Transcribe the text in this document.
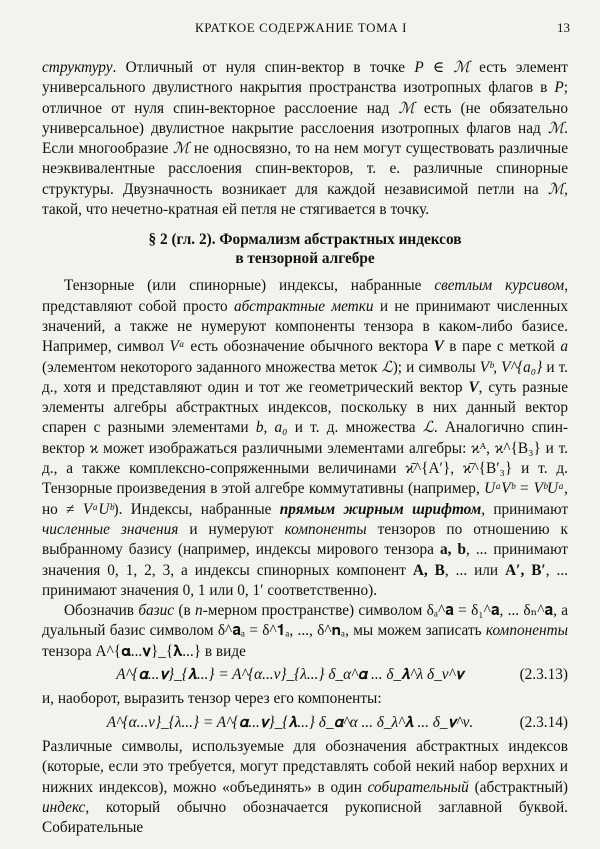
КРАТКОЕ СОДЕРЖАНИЕ ТОМА I	13

структуру. Отличный от нуля спин-вектор в точке P ∈ ℳ есть элемент универсального двулистного накрытия пространства изотропных флагов в P; отличное от нуля спин-векторное расслоение над ℳ есть (не обязательно универсальное) двулистное накрытие расслоения изотропных флагов над ℳ. Если многообразие ℳ не односвязно, то на нем могут существовать различные неэквивалентные расслоения спин-векторов, т. е. различные спинорные структуры. Двузначность возникает для каждой независимой петли на ℳ, такой, что нечетно-кратная ей петля не стягивается в точку.

§ 2 (гл. 2). Формализм абстрактных индексов
в тензорной алгебре

Тензорные (или спинорные) индексы, набранные светлым курсивом, представляют собой просто абстрактные метки и не принимают численных значений, а также не нумеруют компоненты тензора в каком-либо базисе. Например, символ Vᵃ есть обозначение обычного вектора V в паре с меткой a (элементом некоторого заданного множества меток ℒ); и символы Vᵇ, V^{a₀} и т. д., хотя и представляют один и тот же геометрический вектор V, суть разные элементы алгебры абстрактных индексов, поскольку в них данный вектор спарен с разными элементами b, a₀ и т. д. множества ℒ. Аналогично спин-вектор ϰ может изображаться различными элементами алгебры: ϰᴬ, ϰ^{B₃} и т. д., а также комплексно-сопряженными величинами ϰ̄^{A′}, ϰ̄^{B′₃} и т. д. Тензорные произведения в этой алгебре коммутативны (например, UᵃVᵇ = VᵇUᵃ, но ≠ VᵃUᵇ). Индексы, набранные прямым жирным шрифтом, принимают численные значения и нумеруют компоненты тензоров по отношению к выбранному базису (например, индексы мирового тензора a, b, ... принимают значения 0, 1, 2, 3, а индексы спинорных компонент A, B, ... или A′, B′, ... принимают значения 0, 1 или 0, 1′ соответственно).

Обозначив базис (в n-мерном пространстве) символом δₐ^𝐚 = δ₁^𝐚, ... δₙ^𝐚, а дуальный базис символом δ^𝐚ₐ = δ^𝟏ₐ, ..., δ^𝐧ₐ, мы можем записать компоненты тензора A^{𝛂...𝛎}_{𝛌...} в виде

A^{𝛂...𝛎}_{𝛌...} = A^{α...ν}_{λ...} δ_α^𝛂 ... δ_𝛌^λ δ_ν^𝛎	(2.3.13)

и, наоборот, выразить тензор через его компоненты:

A^{α...ν}_{λ...} = A^{𝛂...𝛎}_{𝛌...} δ_𝛂^α ... δ_λ^𝛌 ... δ_𝛎^ν.	(2.3.14)

Различные символы, используемые для обозначения абстрактных индексов (которые, если это требуется, могут представлять собой некий набор верхних и нижних индексов), можно «объединять» в один собирательный (абстрактный) индекс, который обычно обозначается рукописной заглавной буквой. Собирательные
